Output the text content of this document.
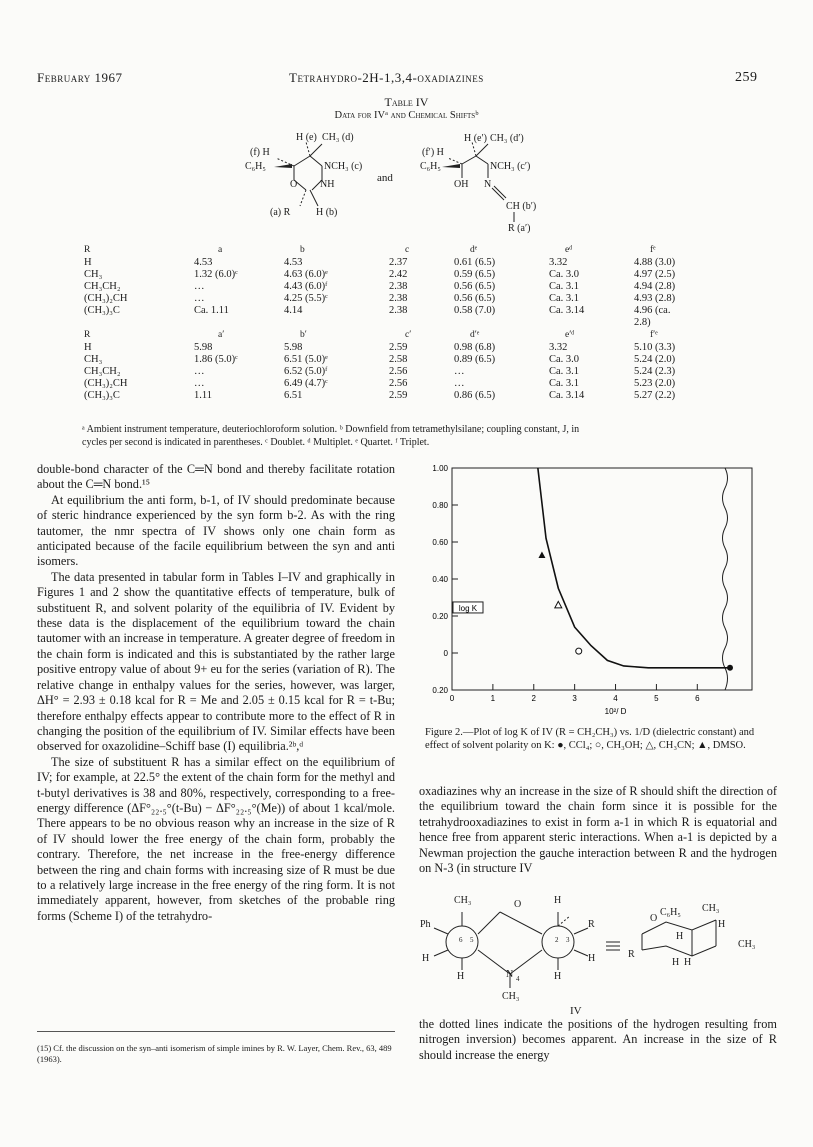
February 1967	Tetrahydro-2H-1,3,4-oxadiazines	259
Table IV
Data for IVᵃ and Chemical Shiftsᵇ
(f) H
H (e) CH₃ (d)
C₆H₅	NCH₃ (c)
O NH
(a) R	H (b)
and
(f′) H
H (e′) CH₃ (d′)
C₆H₅	NCH₃ (c′)
OH N
CH (b′)
R (a′)
R	a	b	c	dᵉ	eᵈ	fᵉ
H	4.53	4.53	2.37	0.61 (6.5)	3.32	4.88 (3.0)
CH₃	1.32 (6.0)ᶜ	4.63 (6.0)ᵉ	2.42	0.59 (6.5)	Ca. 3.0	4.97 (2.5)
CH₃CH₂	…	4.43 (6.0)ᶠ	2.38	0.56 (6.5)	Ca. 3.1	4.94 (2.8)
(CH₃)₂CH	…	4.25 (5.5)ᶜ	2.38	0.56 (6.5)	Ca. 3.1	4.93 (2.8)
(CH₃)₃C	Ca. 1.11	4.14	2.38	0.58 (7.0)	Ca. 3.14	4.96 (ca.
						2.8)
R	a′	b′	c′	d′ᵉ	e′ᵈ	f′ᵉ
H	5.98	5.98	2.59	0.98 (6.8)	3.32	5.10 (3.3)
CH₃	1.86 (5.0)ᶜ	6.51 (5.0)ᵉ	2.58	0.89 (6.5)	Ca. 3.0	5.24 (2.0)
CH₃CH₂	…	6.52 (5.0)ᶠ	2.56	…	Ca. 3.1	5.24 (2.3)
(CH₃)₂CH	…	6.49 (4.7)ᶜ	2.56	…	Ca. 3.1	5.23 (2.0)
(CH₃)₃C	1.11	6.51	2.59	0.86 (6.5)	Ca. 3.14	5.27 (2.2)
ᵃ Ambient instrument temperature, deuteriochloroform solution. ᵇ Downfield from tetramethylsilane; coupling constant, J, in
cycles per second is indicated in parentheses. ᶜ Doublet. ᵈ Multiplet. ᵉ Quartet. ᶠ Triplet.

double-bond character of the C═N bond and thereby facilitate rotation about the C═N bond.¹⁵

At equilibrium the anti form, b-1, of IV should predominate because of steric hindrance experienced by the syn form b-2. As with the ring tautomer, the nmr spectra of IV shows only one chain form as anticipated because of the facile equilibrium between the syn and anti isomers.

The data presented in tabular form in Tables I–IV and graphically in Figures 1 and 2 show the quantitative effects of temperature, bulk of substituent R, and solvent polarity of the equilibria of IV. Evident by these data is the displacement of the equilibrium toward the chain tautomer with an increase in temperature. A greater degree of freedom in the chain form is indicated and this is substantiated by the rather large positive entropy value of about 9+ eu for the series (variation of R). The relative change in enthalpy values for the series, however, was larger, ΔH° = 2.93 ± 0.18 kcal for R = Me and 2.05 ± 0.15 kcal for R = t-Bu; therefore enthalpy effects appear to contribute more to the effect of R in changing the position of the equilibrium of IV. Similar effects have been observed for oxazolidine–Schiff base (I) equilibria.²ᵇ,ᵈ

The size of substituent R has a similar effect on the equilibrium of IV; for example, at 22.5° the extent of the chain form for the methyl and t-butyl derivatives is 38 and 80%, respectively, corresponding to a free-energy difference (ΔF°₂₂.₅°(t-Bu) − ΔF°₂₂.₅°(Me)) of about 1 kcal/mole. There appears to be no obvious reason why an increase in the size of R of IV should lower the free energy of the chain form, probably the contrary. Therefore, the net increase in the free-energy difference between the ring and chain forms with increasing size of R must be due to a relatively large increase in the free energy of the ring form. It is not immediately apparent, however, from sketches of the probable ring forms (Scheme I) of the tetrahydro-

(15) Cf. the discussion on the syn–anti isomerism of simple imines by R. W. Layer, Chem. Rev., 63, 489 (1963).
1.00
0.80
0.60
0.40
0.20
0
0.20
0	1	2	3	4	5	6
log K
10²/ D
Figure 2.—Plot of log K of IV (R = CH₂CH₃) vs. 1/D (dielectric constant) and effect of solvent polarity on K: ●, CCl₄; ○, CH₃OH; △, CH₃CN; ▲, DMSO.

oxadiazines why an increase in the size of R should shift the direction of the equilibrium toward the chain form since it is possible for the tetrahydrooxadiazines to exist in form a-1 in which R is equatorial and hence free from apparent steric interactions. When a-1 is depicted by a Newman projection the gauche interaction between R and the hydrogen on N-3 (in structure IV

CH₃	O	H
Ph	R
H
H	N	H
H
CH₃
6 5	2 3
4
IV
CH₃
C₆H₅
H
CH₃
R
H H
H
O

the dotted lines indicate the positions of the hydrogen resulting from nitrogen inversion) becomes apparent. An increase in the size of R should increase the energy
